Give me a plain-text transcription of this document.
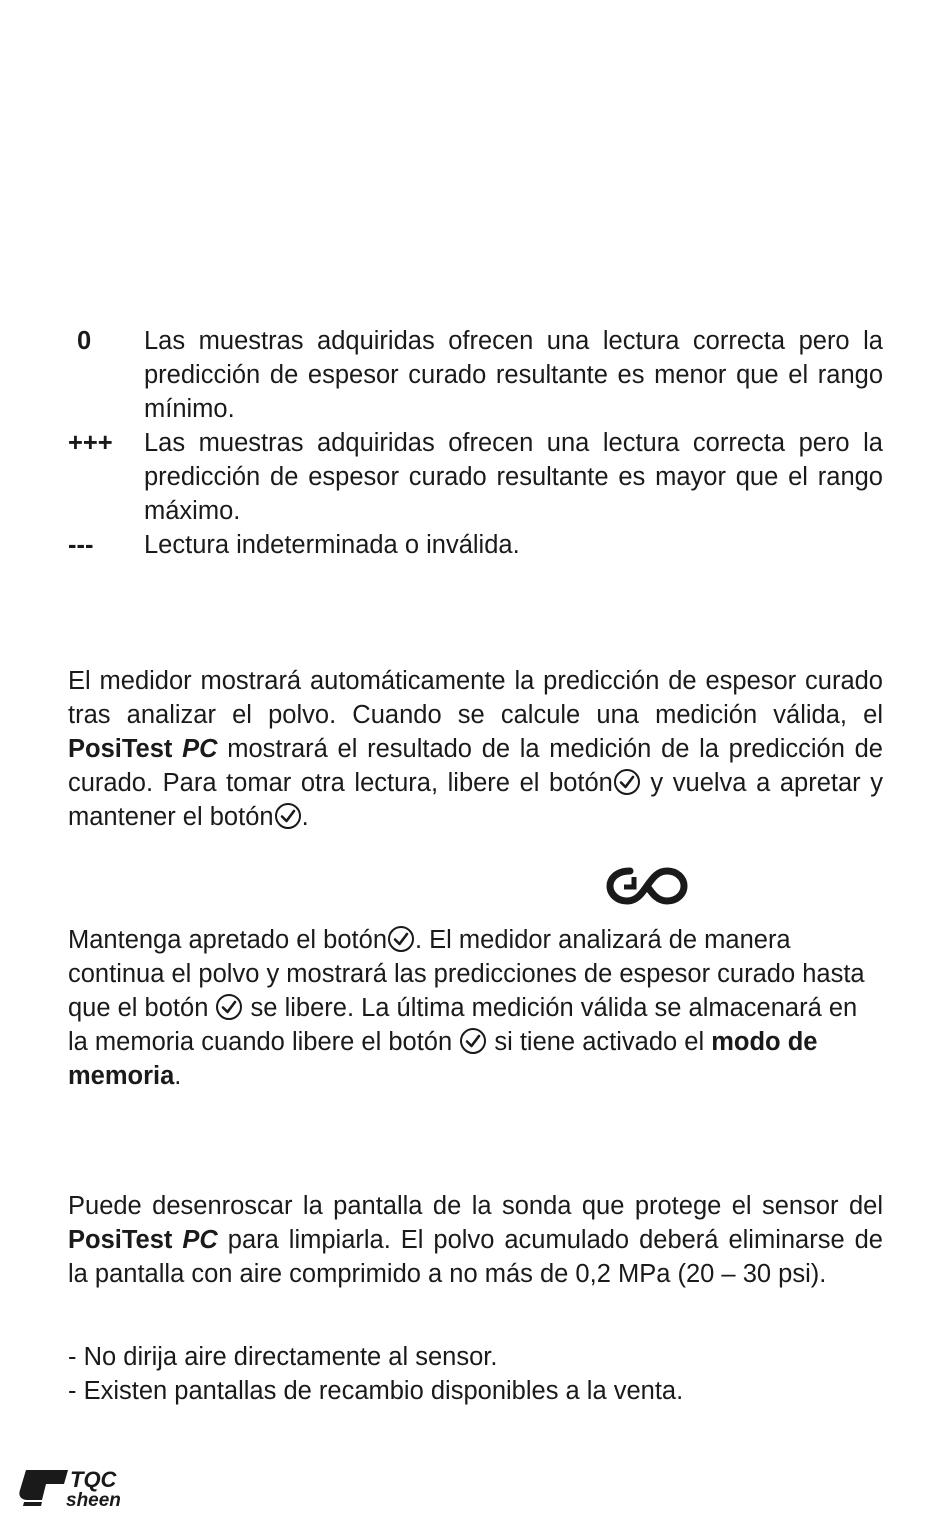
0	Las muestras adquiridas ofrecen una lectura correcta pero la predicción de espesor curado resultante es menor que el rango mínimo.
+++	Las muestras adquiridas ofrecen una lectura correcta pero la predicción de espesor curado resultante es mayor que el rango máximo.
---	Lectura indeterminada o inválida.

El medidor mostrará automáticamente la predicción de espesor curado tras analizar el polvo. Cuando se calcule una medición válida, el PosiTest PC mostrará el resultado de la medición de la predicción de curado. Para tomar otra lectura, libere el botón y vuelva a apretar y mantener el botón .

Mantenga apretado el botón . El medidor analizará de manera continua el polvo y mostrará las predicciones de espesor curado hasta que el botón  se libere. La última medición válida se almacenará en la memoria cuando libere el botón  si tiene activado el modo de memoria.

Puede desenroscar la pantalla de la sonda que protege el sensor del PosiTest PC para limpiarla. El polvo acumulado deberá eliminarse de la pantalla con aire comprimido a no más de 0,2 MPa (20 – 30 psi).

- No dirija aire directamente al sensor.
- Existen pantallas de recambio disponibles a la venta.
TQC
sheen
